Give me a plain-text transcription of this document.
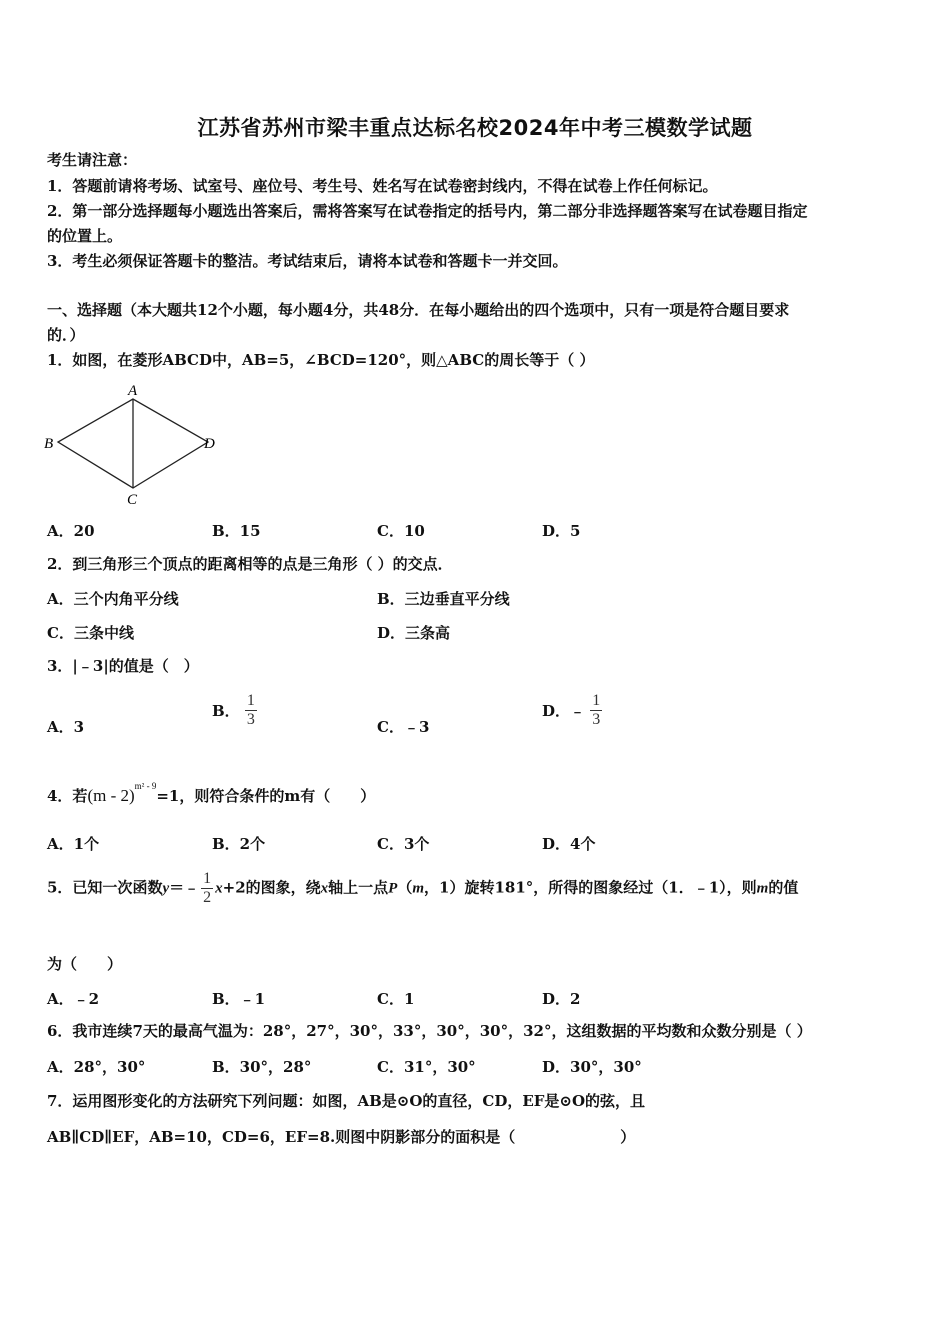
江苏省苏州市梁丰重点达标名校2024年中考三模数学试题
考生请注意：
1．答题前请将考场、试室号、座位号、考生号、姓名写在试卷密封线内，不得在试卷上作任何标记。
2．第一部分选择题每小题选出答案后，需将答案写在试卷指定的括号内，第二部分非选择题答案写在试卷题目指定
的位置上。
3．考生必须保证答题卡的整洁。考试结束后，请将本试卷和答题卡一并交回。
一、选择题（本大题共12个小题，每小题4分，共48分．在每小题给出的四个选项中，只有一项是符合题目要求
的．）
1．如图，在菱形ABCD中，AB=5，∠BCD=120°，则△ABC的周长等于（ ）
A
B
C
D
A．20	B．15	C．10	D．5
2．到三角形三个顶点的距离相等的点是三角形（ ）的交点．
A．三个内角平分线	B．三边垂直平分线
C．三条中线	D．三条高
3．|﹣3|的值是（　）
A．3
B． $\frac{1}{3}$	C．﹣3
D．﹣ $\frac{1}{3}$
4．若(m - 2)$^{m^2 - 9}$=1，则符合条件的m有（　　）
A．1个	B．2个	C．3个	D．4个
5．已知一次函数y＝﹣ $\frac{1}{2} x+2$的图象，绕x轴上一点P（m，1）旋转181°，所得的图象经过（1．﹣1），则m的值
为（　　）
A．﹣2	B．﹣1	C．1	D．2
6．我市连续7天的最高气温为：28°，27°，30°，33°，30°，30°，32°，这组数据的平均数和众数分别是（ ）
A．28°，30°	B．30°，28°	C．31°，30°	D．30°，30°
7．运用图形变化的方法研究下列问题：如图，AB是⊙O的直径，CD，EF是⊙O的弦，且
AB∥CD∥EF，AB=10，CD=6，EF=8.则图中阴影部分的面积是（　　　　　　　）
